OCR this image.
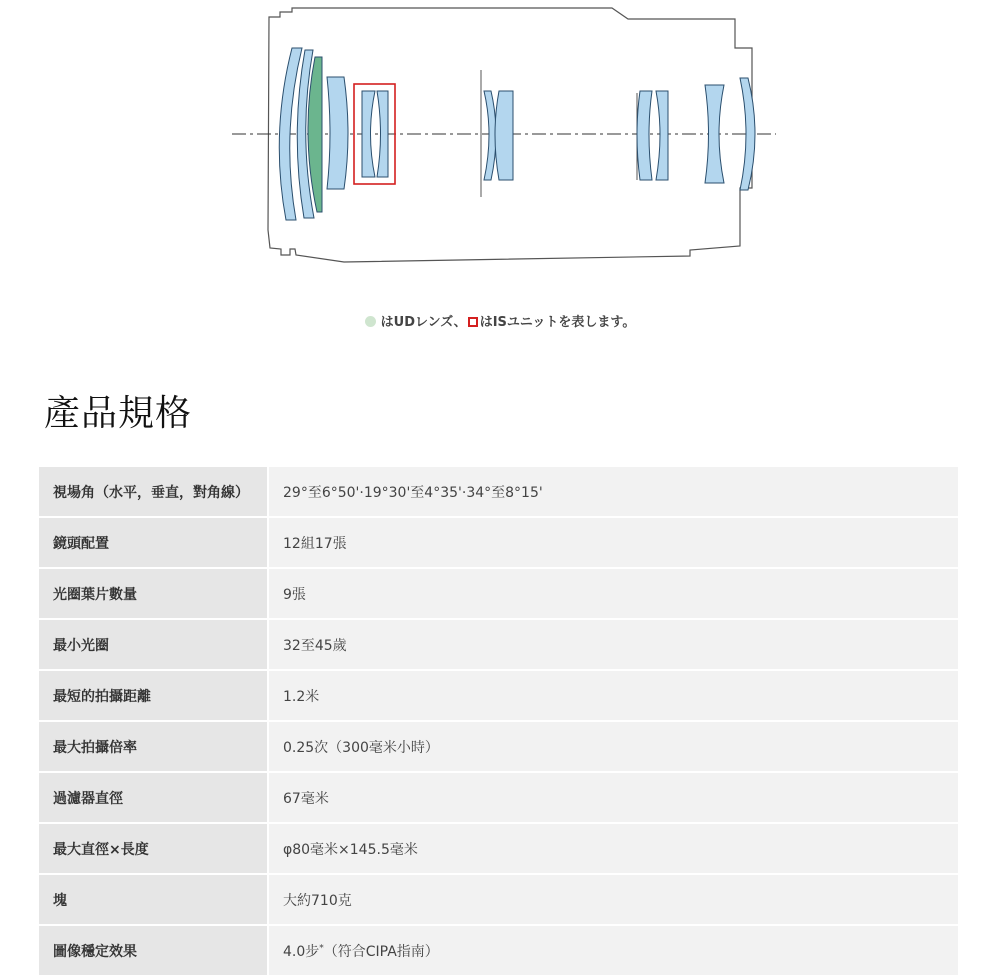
はUDレンズ、 はISユニットを表します。
產品規格
視場角（水平，垂直，對角線）	29°至6°50'·19°30'至4°35'·34°至8°15'
鏡頭配置	12組17張
光圈葉片數量	9張
最小光圈	32至45歲
最短的拍攝距離	1.2米
最大拍攝倍率	0.25次（300毫米小時）
過濾器直徑	67毫米
最大直徑×長度	φ80毫米×145.5毫米
塊	大約710克
圖像穩定效果	4.0步*（符合CIPA指南）
